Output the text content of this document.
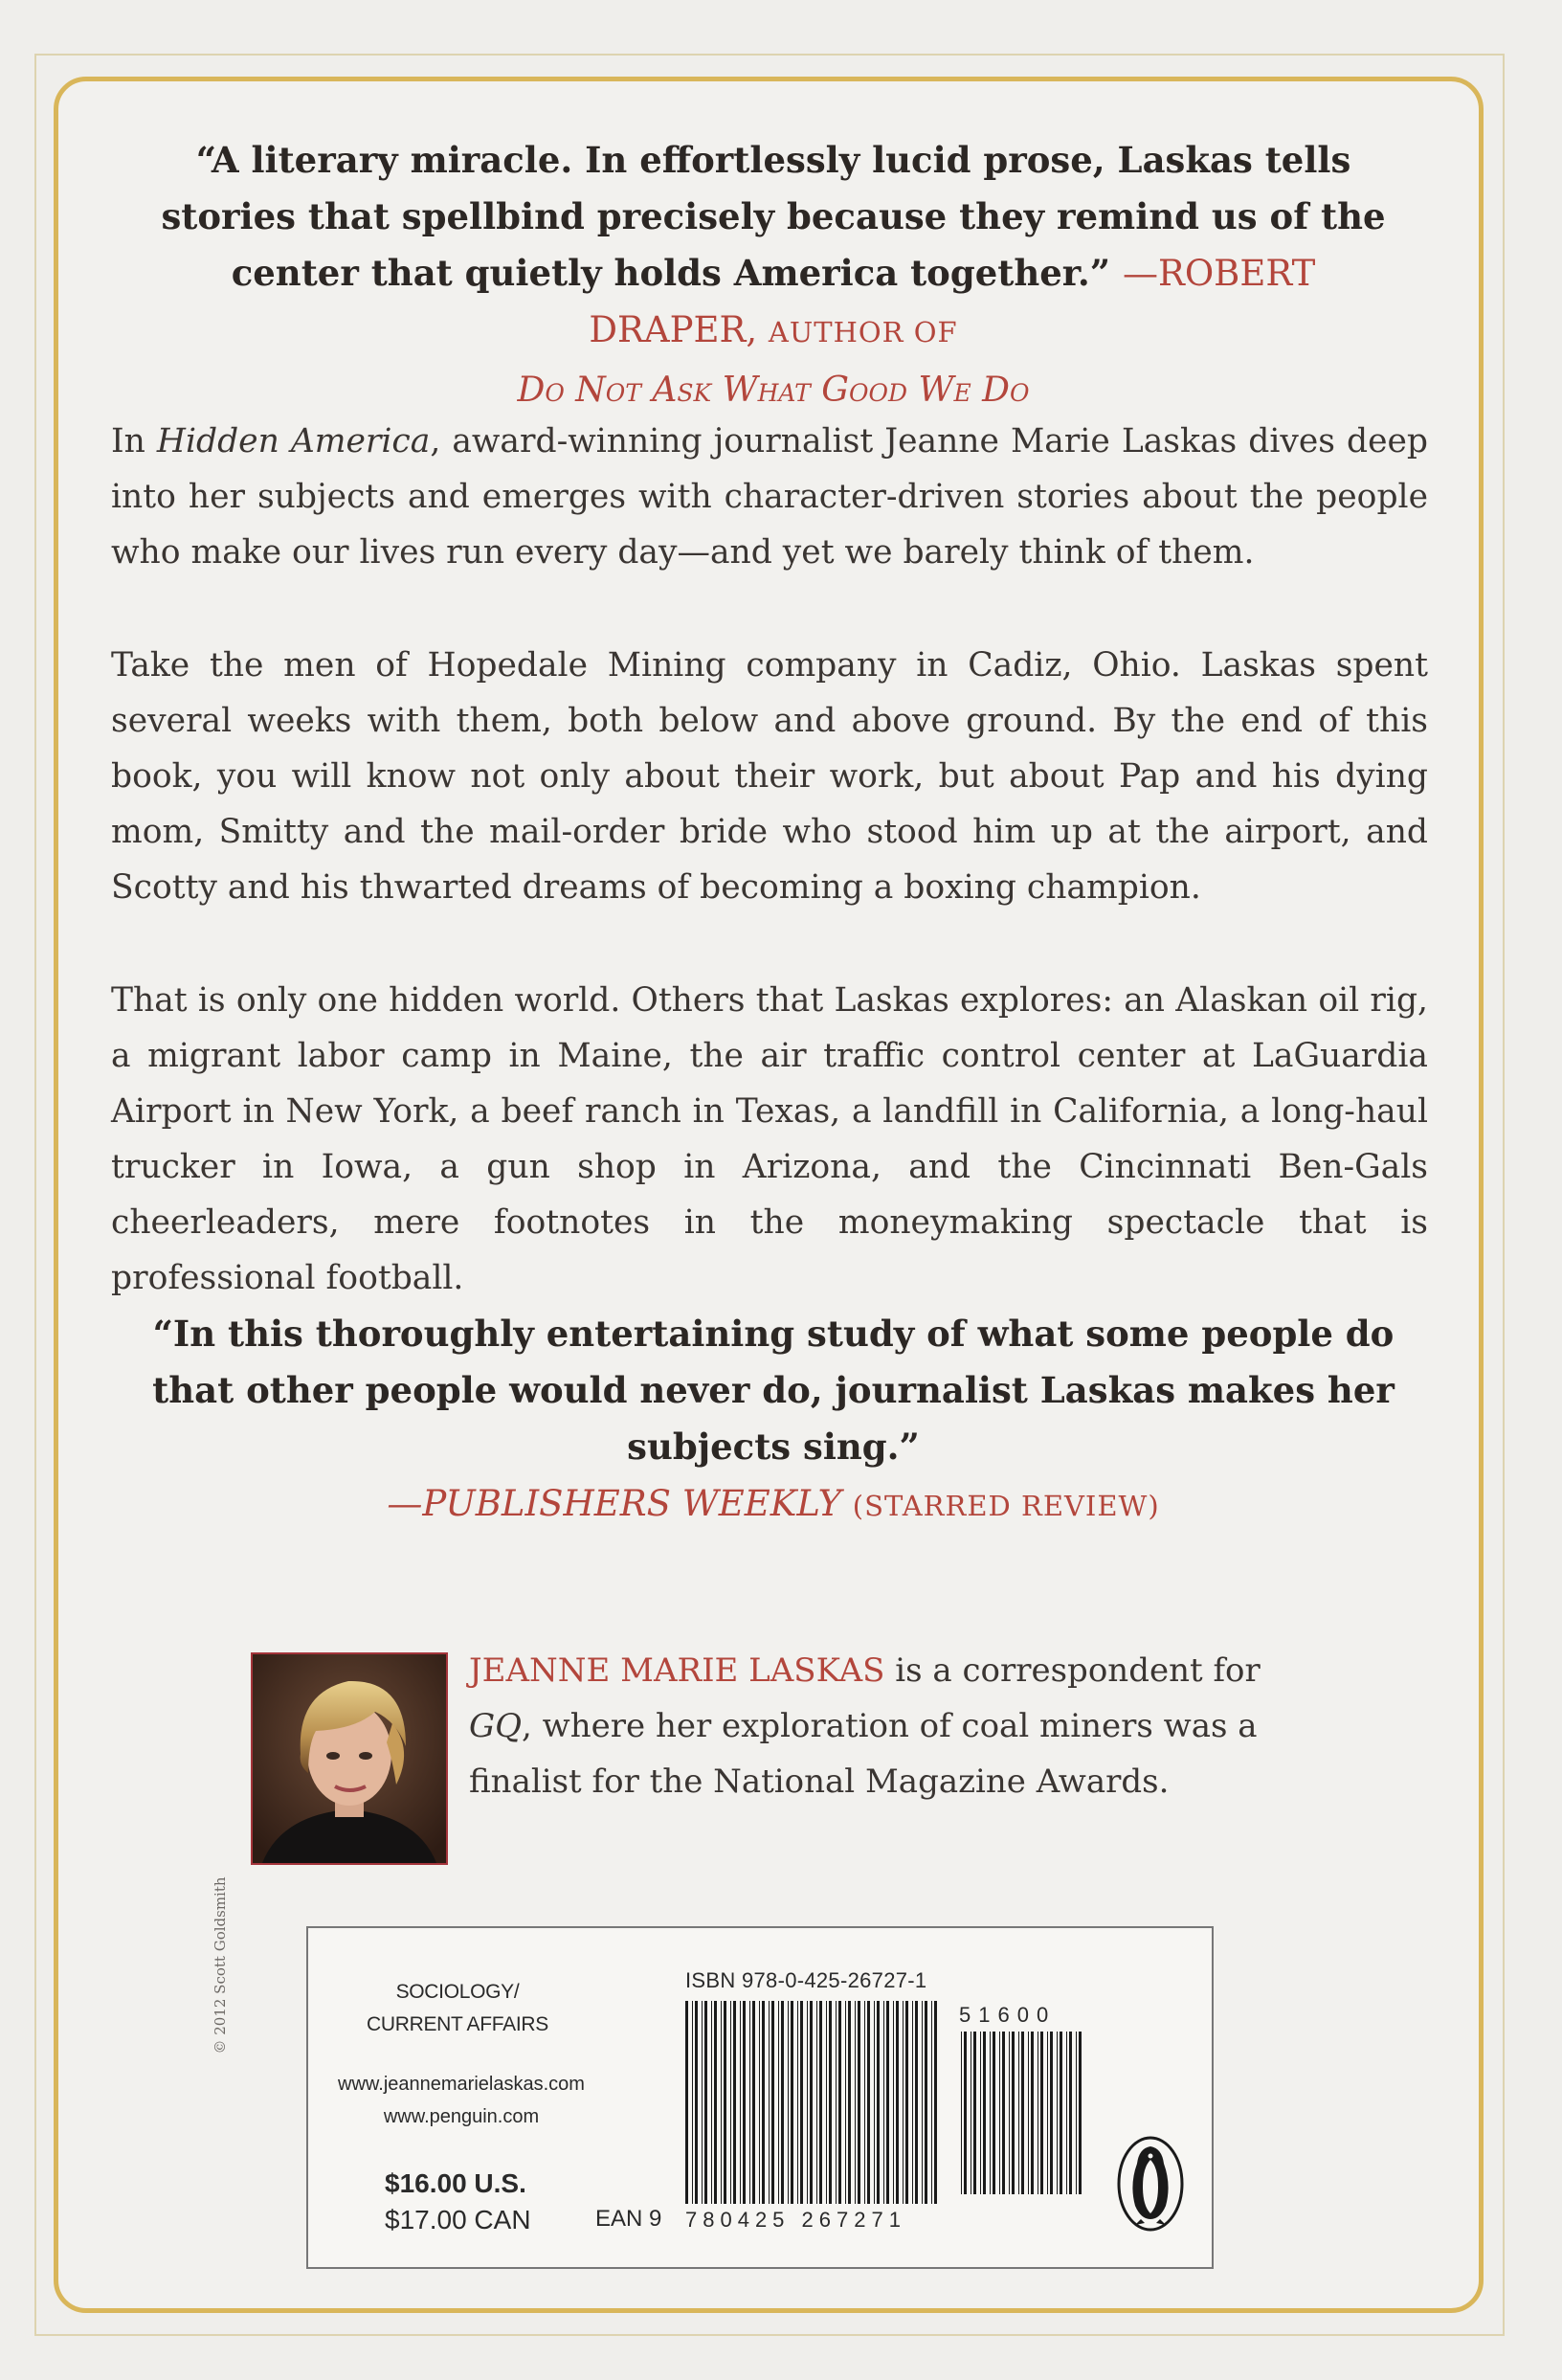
“A literary miracle. In effortlessly lucid prose, Laskas tells stories that spellbind precisely because they remind us of the center that quietly holds America together.” —ROBERT DRAPER, AUTHOR OF
Do Not Ask What Good We Do
In Hidden America, award-winning journalist Jeanne Marie Laskas dives deep into her subjects and emerges with character-driven stories about the people who make our lives run every day—and yet we barely think of them.
Take the men of Hopedale Mining company in Cadiz, Ohio. Laskas spent several weeks with them, both below and above ground. By the end of this book, you will know not only about their work, but about Pap and his dying mom, Smitty and the mail-order bride who stood him up at the airport, and Scotty and his thwarted dreams of becoming a boxing champion.
That is only one hidden world. Others that Laskas explores: an Alaskan oil rig, a migrant labor camp in Maine, the air traffic control center at LaGuardia Airport in New York, a beef ranch in Texas, a landfill in California, a long-haul trucker in Iowa, a gun shop in Arizona, and the Cincinnati Ben-Gals cheerleaders, mere footnotes in the moneymaking spectacle that is professional football.
“In this thoroughly entertaining study of what some people do that other people would never do, journalist Laskas makes her subjects sing.”
—PUBLISHERS WEEKLY (STARRED REVIEW)
© 2012 Scott Goldsmith
JEANNE MARIE LASKAS is a correspondent for GQ, where her exploration of coal miners was a finalist for the National Magazine Awards.
SOCIOLOGY/
CURRENT AFFAIRS
www.jeannemarielaskas.com
www.penguin.com
$16.00 U.S.
$17.00 CAN
ISBN 978-0-425-26727-1
51600
EAN 9 780425 267271
